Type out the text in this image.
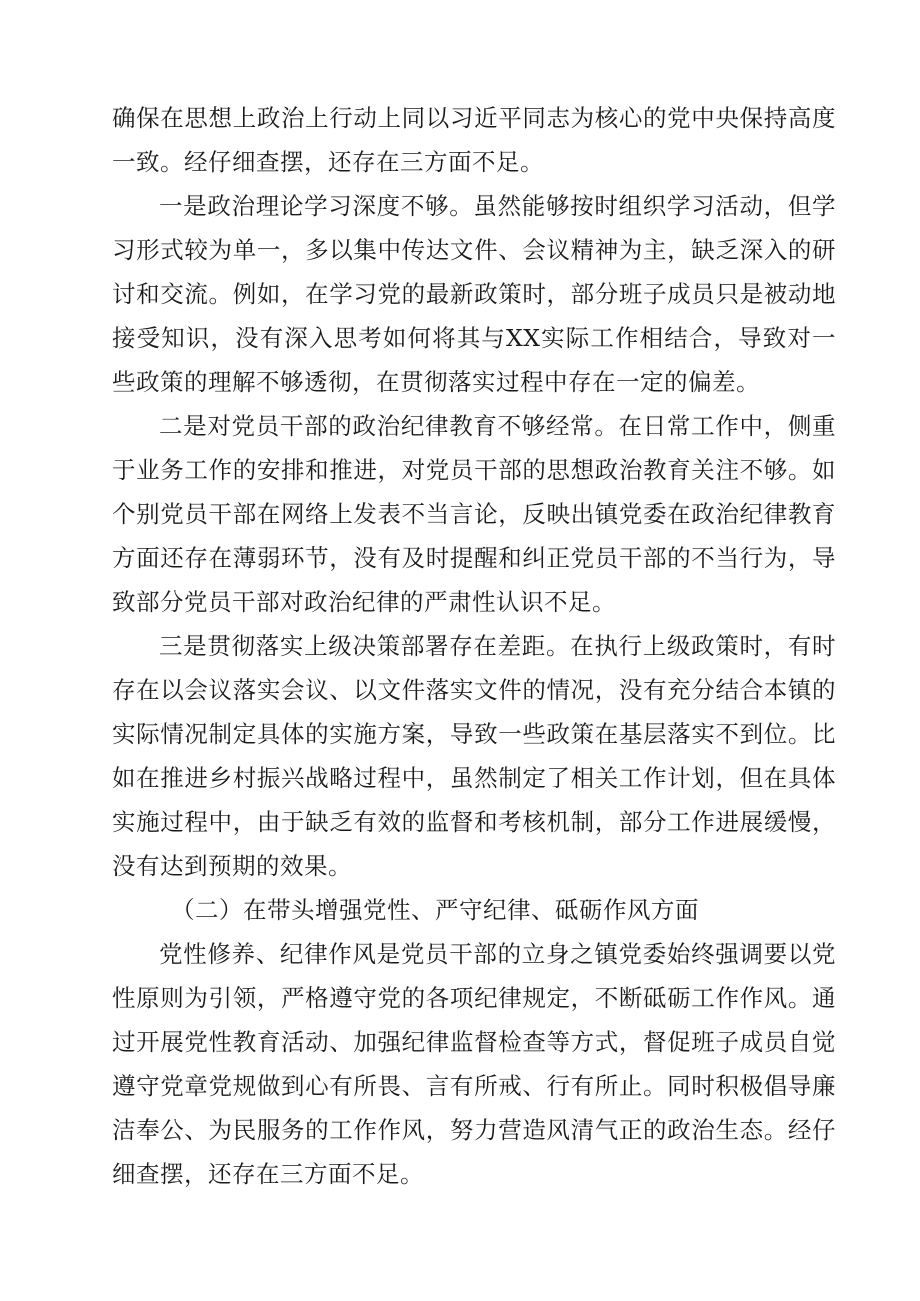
确保在思想上政治上行动上同以习近平同志为核心的党中央保持高度一致。经仔细查摆，还存在三方面不足。

一是政治理论学习深度不够。虽然能够按时组织学习活动，但学习形式较为单一，多以集中传达文件、会议精神为主，缺乏深入的研讨和交流。例如，在学习党的最新政策时，部分班子成员只是被动地接受知识，没有深入思考如何将其与XX实际工作相结合，导致对一些政策的理解不够透彻，在贯彻落实过程中存在一定的偏差。

二是对党员干部的政治纪律教育不够经常。在日常工作中，侧重于业务工作的安排和推进，对党员干部的思想政治教育关注不够。如个别党员干部在网络上发表不当言论，反映出镇党委在政治纪律教育方面还存在薄弱环节，没有及时提醒和纠正党员干部的不当行为，导致部分党员干部对政治纪律的严肃性认识不足。

三是贯彻落实上级决策部署存在差距。在执行上级政策时，有时存在以会议落实会议、以文件落实文件的情况，没有充分结合本镇的实际情况制定具体的实施方案，导致一些政策在基层落实不到位。比如在推进乡村振兴战略过程中，虽然制定了相关工作计划，但在具体实施过程中，由于缺乏有效的监督和考核机制，部分工作进展缓慢，没有达到预期的效果。

（二）在带头增强党性、严守纪律、砥砺作风方面

党性修养、纪律作风是党员干部的立身之镇党委始终强调要以党性原则为引领，严格遵守党的各项纪律规定，不断砥砺工作作风。通过开展党性教育活动、加强纪律监督检查等方式，督促班子成员自觉遵守党章党规做到心有所畏、言有所戒、行有所止。同时积极倡导廉洁奉公、为民服务的工作作风，努力营造风清气正的政治生态。经仔细查摆，还存在三方面不足。
